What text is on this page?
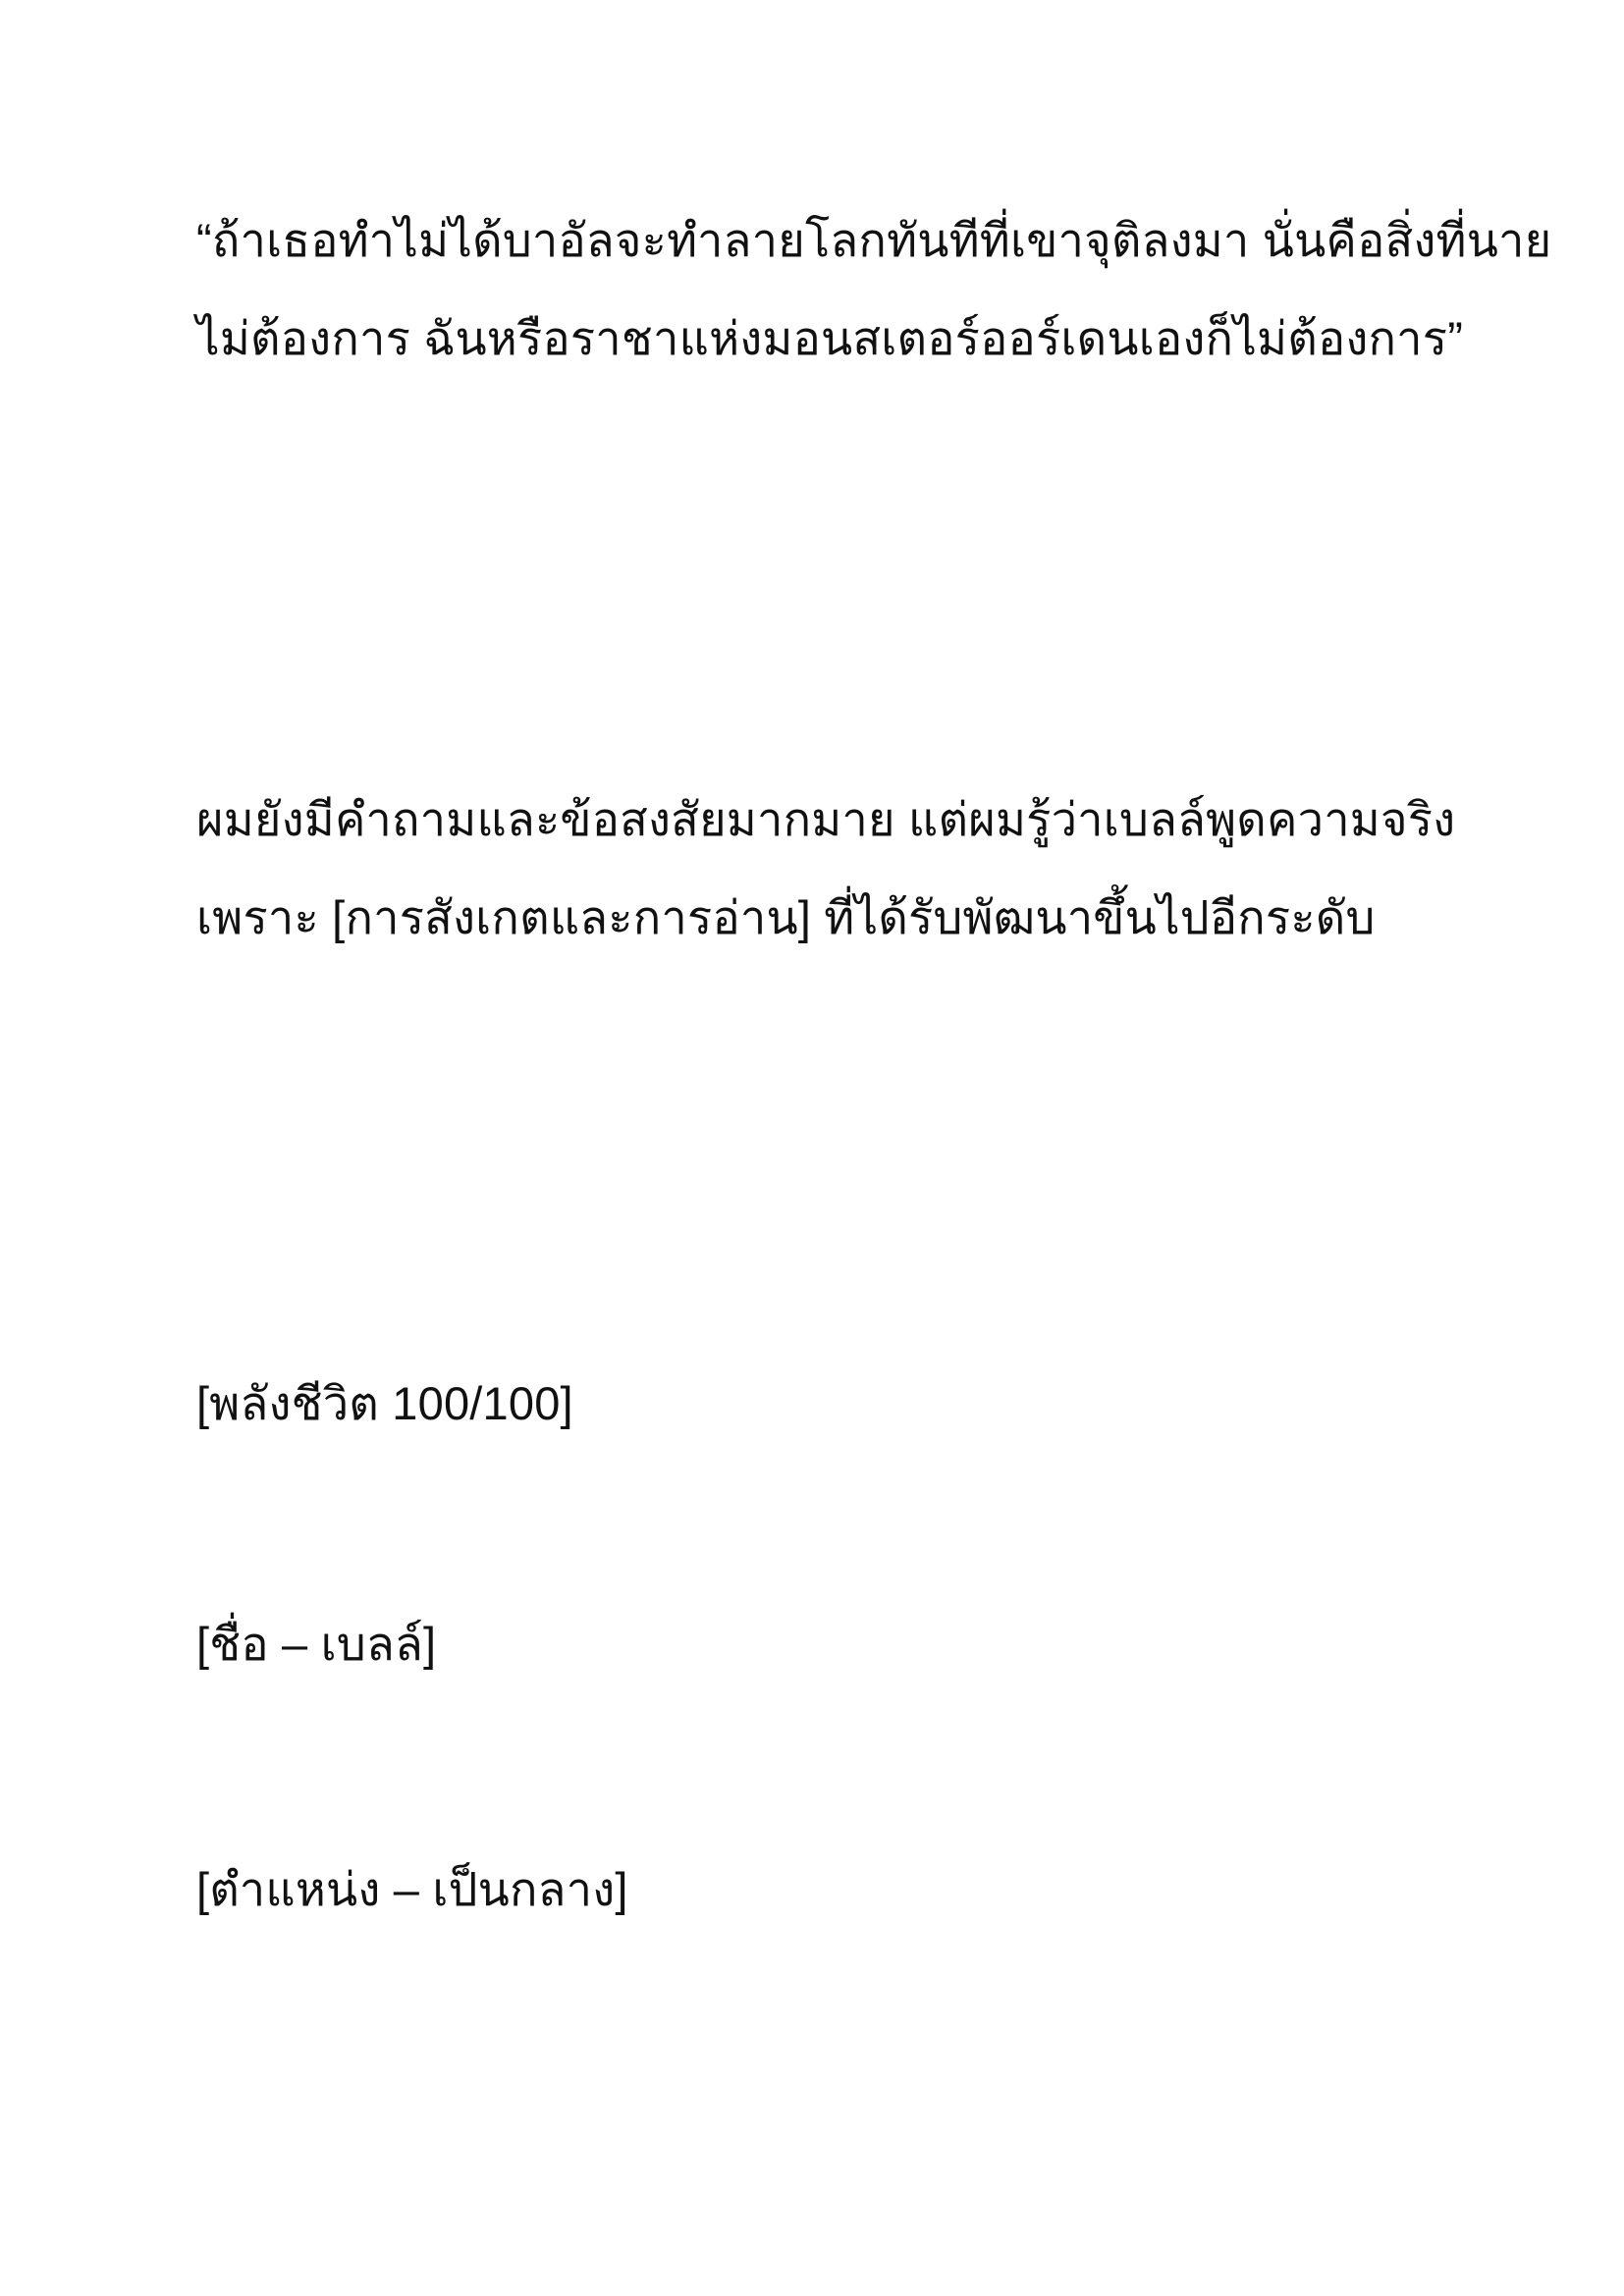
“ถ้าเธอทำไม่ได้บาอัลจะทำลายโลกทันทีที่เขาจุติลงมา นั่นคือสิ่งที่นาย
ไม่ต้องการ ฉันหรือราชาแห่งมอนสเตอร์ออร์เดนเองก็ไม่ต้องการ”
ผมยังมีคำถามและข้อสงสัยมากมาย แต่ผมรู้ว่าเบลล์พูดความจริง
เพราะ [การสังเกตและการอ่าน] ที่ได้รับพัฒนาขึ้นไปอีกระดับ
[พลังชีวิต 100/100]
[ชื่อ – เบลล์]
[ตำแหน่ง – เป็นกลาง]
